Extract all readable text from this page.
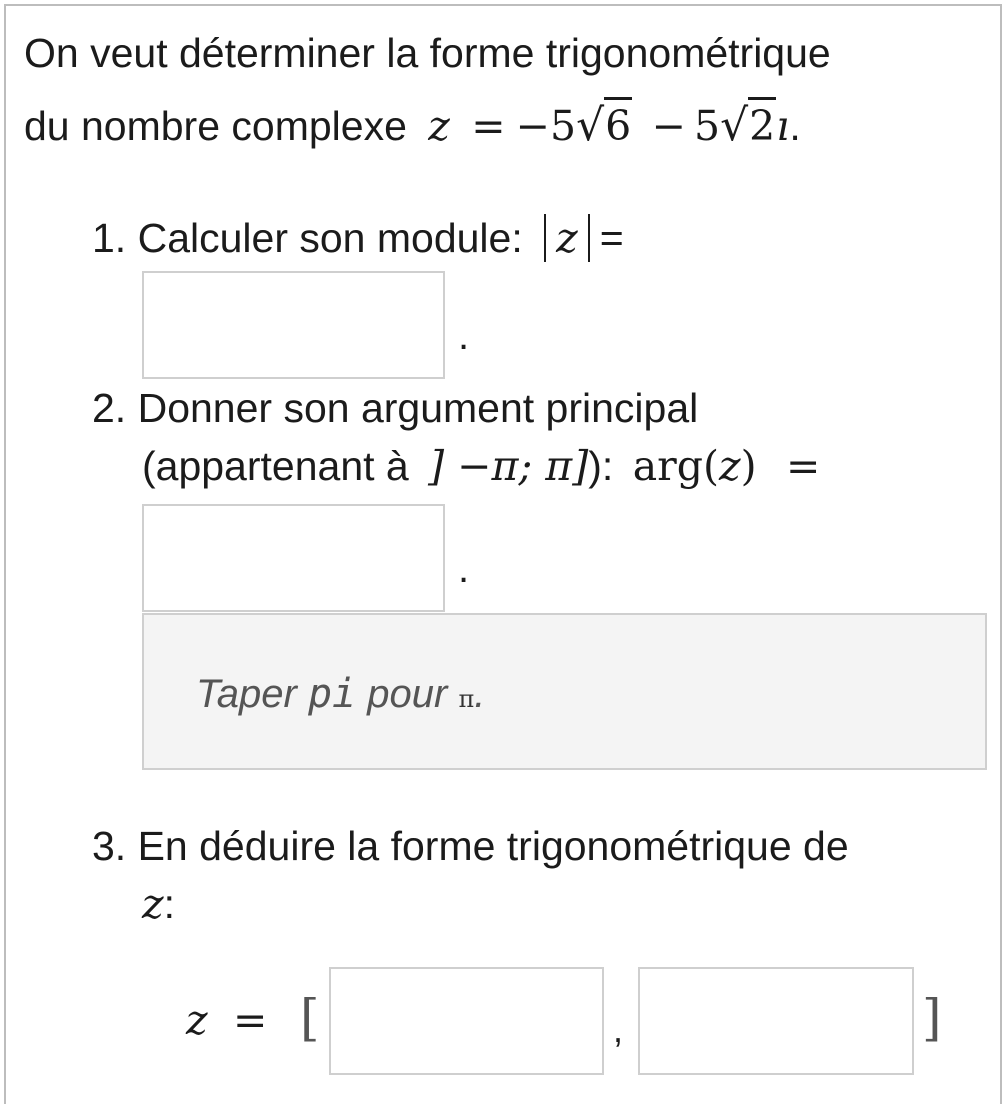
On veut déterminer la forme trigonométrique
du nombre complexe z = −5√6 − 5√2ı.
1. Calculer son module: z =
.
2. Donner son argument principal
(appartenant à ] −π; π]): arg(z) =
.
Taper pi pour π.
3. En déduire la forme trigonométrique de
z:
z = [	,	]
